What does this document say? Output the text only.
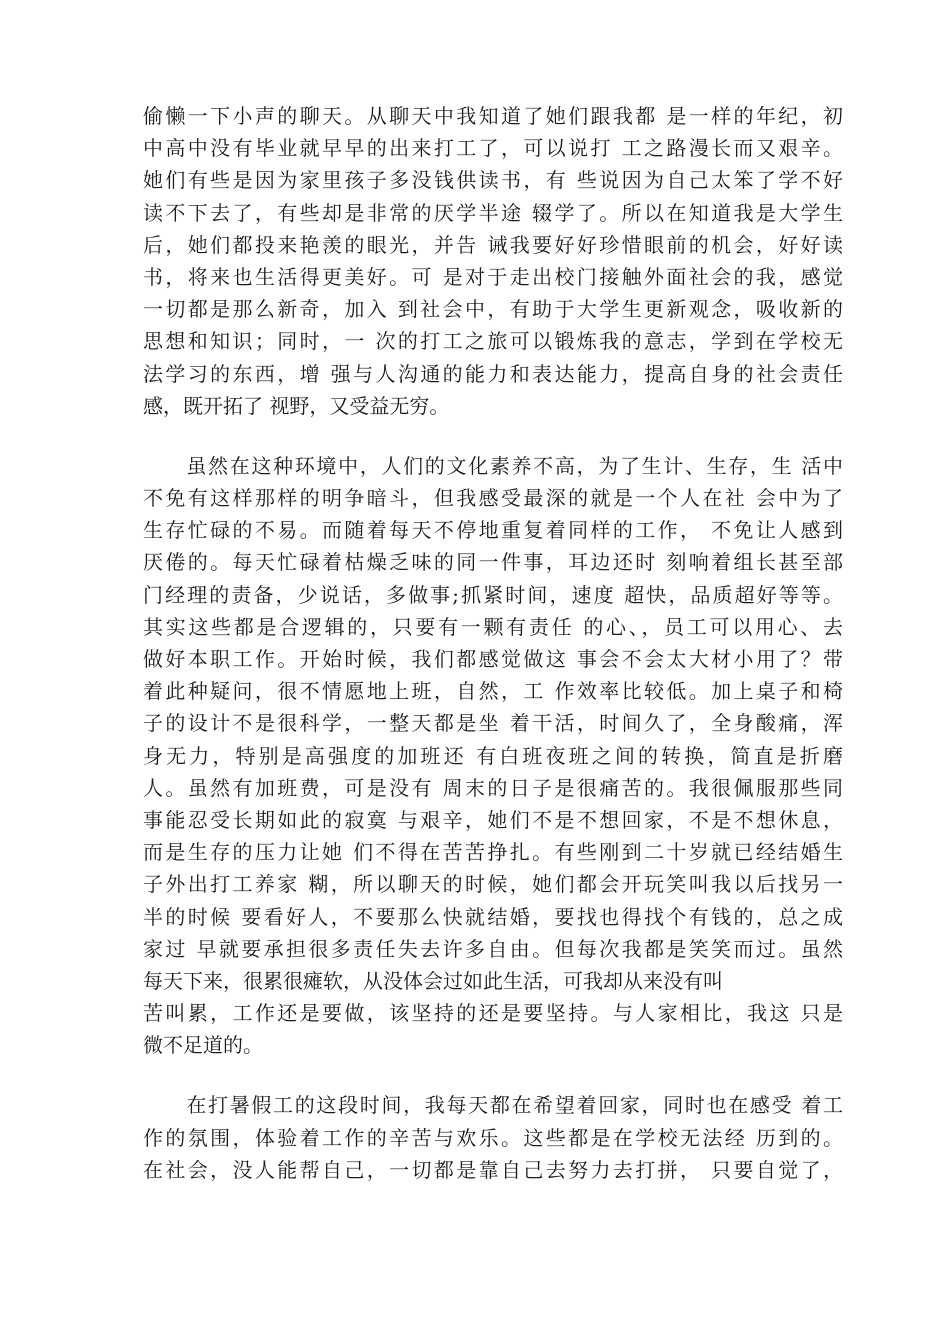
偷懒一下小声的聊天。从聊天中我知道了她们跟我都 是一样的年纪，初
中高中没有毕业就早早的出来打工了，可以说打 工之路漫长而又艰辛。
她们有些是因为家里孩子多没钱供读书，有 些说因为自己太笨了学不好
读不下去了，有些却是非常的厌学半途 辍学了。所以在知道我是大学生
后，她们都投来艳羡的眼光，并告 诫我要好好珍惜眼前的机会，好好读
书，将来也生活得更美好。可 是对于走出校门接触外面社会的我，感觉
一切都是那么新奇，加入 到社会中，有助于大学生更新观念，吸收新的
思想和知识；同时，一 次的打工之旅可以锻炼我的意志，学到在学校无
法学习的东西，增 强与人沟通的能力和表达能力，提高自身的社会责任
感，既开拓了 视野，又受益无穷。
　　虽然在这种环境中，人们的文化素养不高，为了生计、生存，生 活中
不免有这样那样的明争暗斗，但我感受最深的就是一个人在社 会中为了
生存忙碌的不易。而随着每天不停地重复着同样的工作， 不免让人感到
厌倦的。每天忙碌着枯燥乏味的同一件事，耳边还时 刻响着组长甚至部
门经理的责备，少说话，多做事;抓紧时间，速度 超快，品质超好等等。
其实这些都是合逻辑的，只要有一颗有责任 的心、，员工可以用心、去
做好本职工作。开始时候，我们都感觉做这 事会不会太大材小用了？带
着此种疑问，很不情愿地上班，自然，工 作效率比较低。加上桌子和椅
子的设计不是很科学，一整天都是坐 着干活，时间久了，全身酸痛，浑
身无力，特别是高强度的加班还 有白班夜班之间的转换，简直是折磨
人。虽然有加班费，可是没有 周末的日子是很痛苦的。我很佩服那些同
事能忍受长期如此的寂寞 与艰辛，她们不是不想回家，不是不想休息，
而是生存的压力让她 们不得在苦苦挣扎。有些刚到二十岁就已经结婚生
子外出打工养家 糊，所以聊天的时候，她们都会开玩笑叫我以后找另一
半的时候 要看好人，不要那么快就结婚，要找也得找个有钱的，总之成
家过 早就要承担很多责任失去许多自由。但每次我都是笑笑而过。虽然
每天下来，很累很瘫软，从没体会过如此生活，可我却从来没有叫
苦叫累，工作还是要做，该坚持的还是要坚持。与人家相比，我这 只是
微不足道的。
　　在打暑假工的这段时间，我每天都在希望着回家，同时也在感受 着工
作的氛围，体验着工作的辛苦与欢乐。这些都是在学校无法经 历到的。
在社会，没人能帮自己，一切都是靠自己去努力去打拼， 只要自觉了，
